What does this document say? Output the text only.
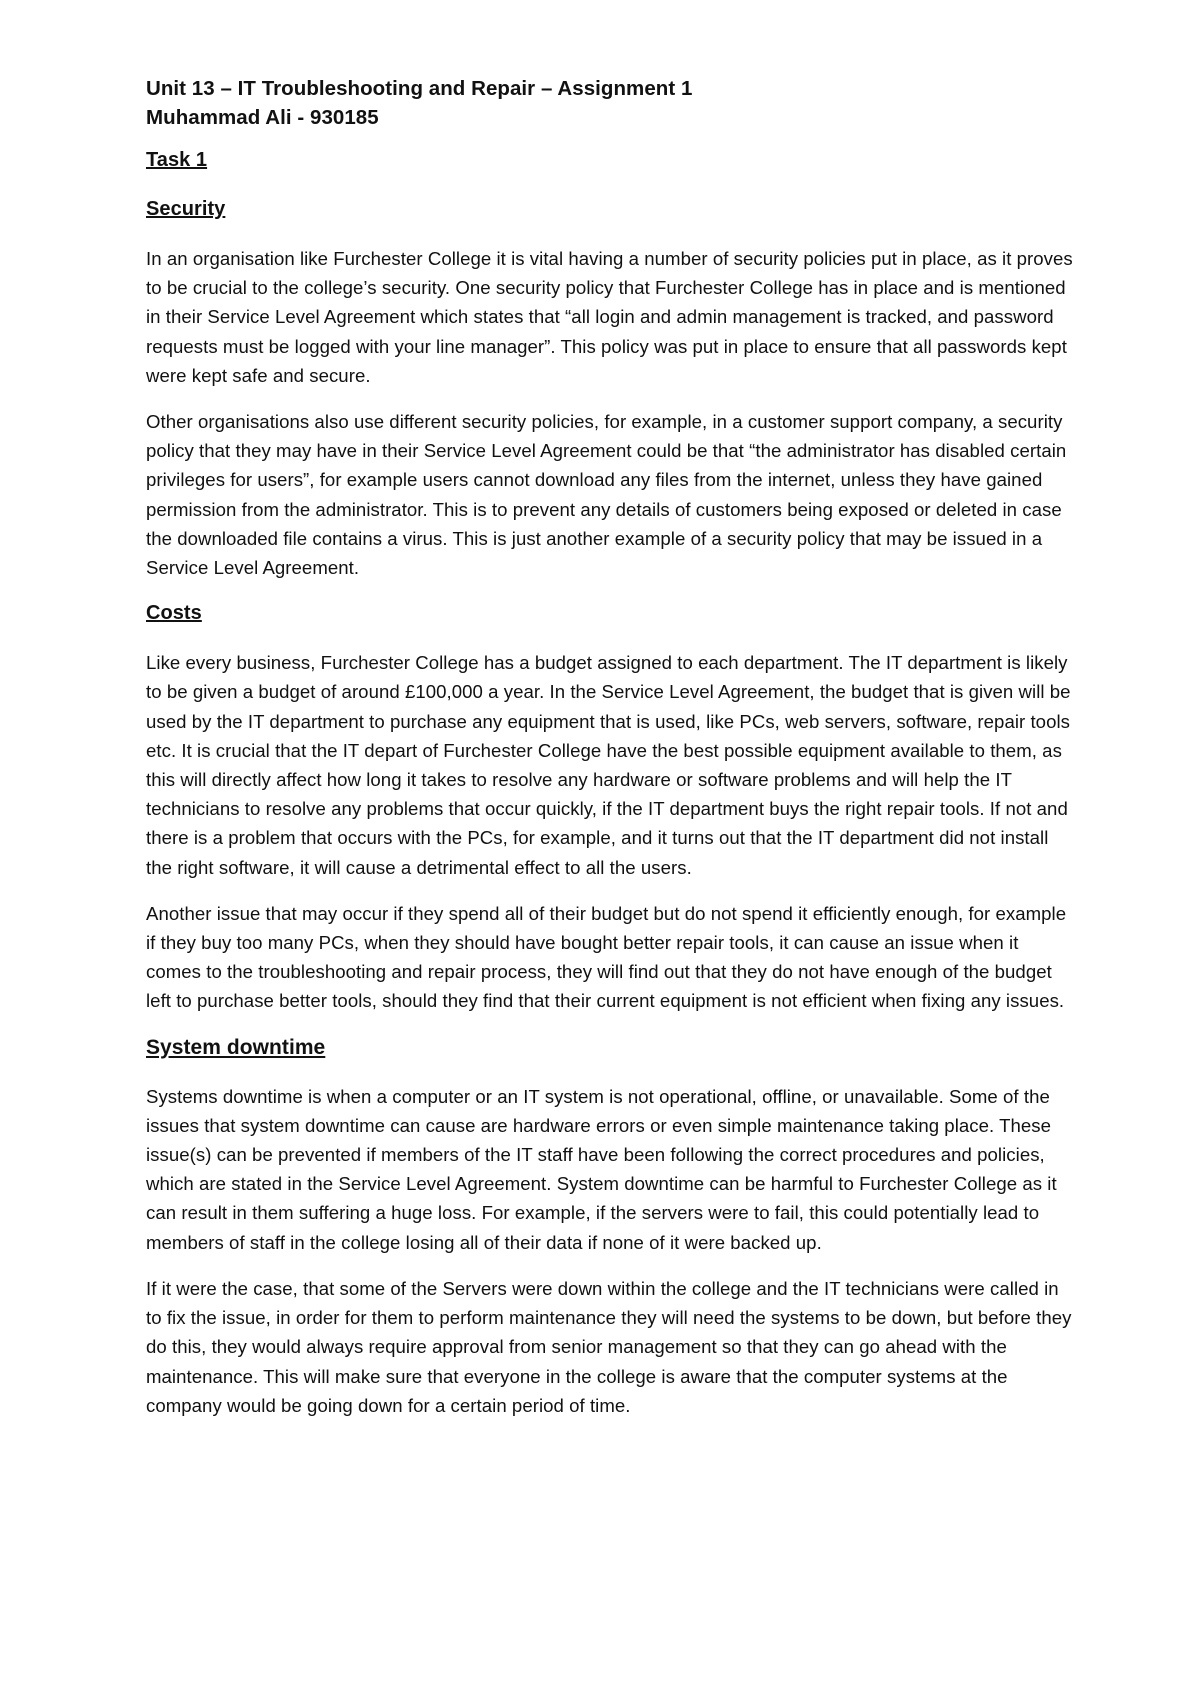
Unit 13 – IT Troubleshooting and Repair – Assignment 1

Muhammad Ali - 930185

Task 1

Security

In an organisation like Furchester College it is vital having a number of security policies put in place, as it proves to be crucial to the college’s security. One security policy that Furchester College has in place and is mentioned in their Service Level Agreement which states that “all login and admin management is tracked, and password requests must be logged with your line manager”. This policy was put in place to ensure that all passwords kept were kept safe and secure.

Other organisations also use different security policies, for example, in a customer support company, a security policy that they may have in their Service Level Agreement could be that “the administrator has disabled certain privileges for users”, for example users cannot download any files from the internet, unless they have gained permission from the administrator. This is to prevent any details of customers being exposed or deleted in case the downloaded file contains a virus. This is just another example of a security policy that may be issued in a Service Level Agreement.

Costs

Like every business, Furchester College has a budget assigned to each department. The IT department is likely to be given a budget of around £100,000 a year. In the Service Level Agreement, the budget that is given will be used by the IT department to purchase any equipment that is used, like PCs, web servers, software, repair tools etc. It is crucial that the IT depart of Furchester College have the best possible equipment available to them, as this will directly affect how long it takes to resolve any hardware or software problems and will help the IT technicians to resolve any problems that occur quickly, if the IT department buys the right repair tools. If not and there is a problem that occurs with the PCs, for example, and it turns out that the IT department did not install the right software, it will cause a detrimental effect to all the users.

Another issue that may occur if they spend all of their budget but do not spend it efficiently enough, for example if they buy too many PCs, when they should have bought better repair tools, it can cause an issue when it comes to the troubleshooting and repair process, they will find out that they do not have enough of the budget left to purchase better tools, should they find that their current equipment is not efficient when fixing any issues.

System downtime

Systems downtime is when a computer or an IT system is not operational, offline, or unavailable. Some of the issues that system downtime can cause are hardware errors or even simple maintenance taking place. These issue(s) can be prevented if members of the IT staff have been following the correct procedures and policies, which are stated in the Service Level Agreement. System downtime can be harmful to Furchester College as it can result in them suffering a huge loss. For example, if the servers were to fail, this could potentially lead to members of staff in the college losing all of their data if none of it were backed up.

If it were the case, that some of the Servers were down within the college and the IT technicians were called in to fix the issue, in order for them to perform maintenance they will need the systems to be down, but before they do this, they would always require approval from senior management so that they can go ahead with the maintenance. This will make sure that everyone in the college is aware that the computer systems at the company would be going down for a certain period of time.
